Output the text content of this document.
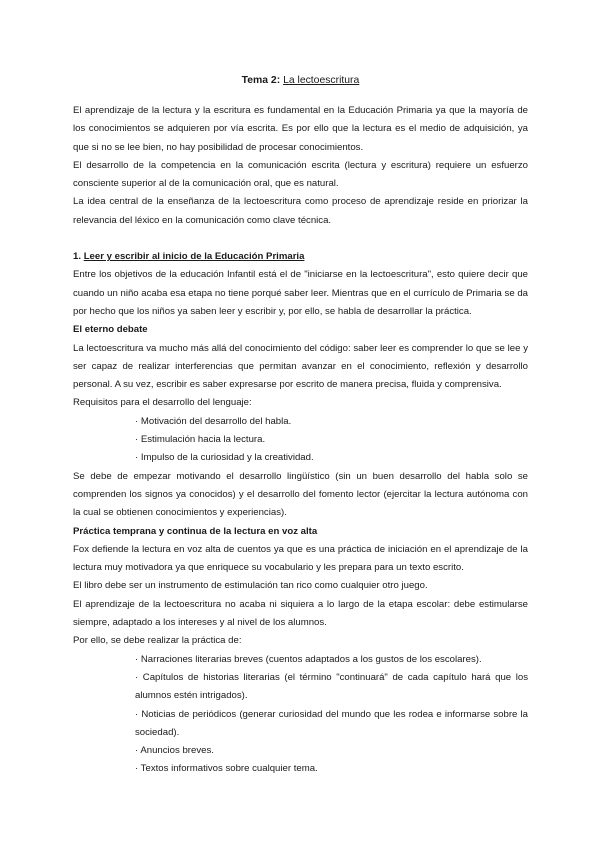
Tema 2: La lectoescritura

El aprendizaje de la lectura y la escritura es fundamental en la Educación Primaria ya que la mayoría de los conocimientos se adquieren por vía escrita. Es por ello que la lectura es el medio de adquisición, ya que si no se lee bien, no hay posibilidad de procesar conocimientos.

El desarrollo de la competencia en la comunicación escrita (lectura y escritura) requiere un esfuerzo consciente superior al de la comunicación oral, que es natural.

La idea central de la enseñanza de la lectoescritura como proceso de aprendizaje reside en priorizar la relevancia del léxico en la comunicación como clave técnica.

1. Leer y escribir al inicio de la Educación Primaria

Entre los objetivos de la educación Infantil está el de "iniciarse en la lectoescritura", esto quiere decir que cuando un niño acaba esa etapa no tiene porqué saber leer. Mientras que en el currículo de Primaria se da por hecho que los niños ya saben leer y escribir y, por ello, se habla de desarrollar la práctica.

El eterno debate

La lectoescritura va mucho más allá del conocimiento del código: saber leer es comprender lo que se lee y ser capaz de realizar interferencias que permitan avanzar en el conocimiento, reflexión y desarrollo personal. A su vez, escribir es saber expresarse por escrito de manera precisa, fluida y comprensiva.

Requisitos para el desarrollo del lenguaje:

· Motivación del desarrollo del habla.

· Estimulación hacia la lectura.

· Impulso de la curiosidad y la creatividad.

Se debe de empezar motivando el desarrollo lingüístico (sin un buen desarrollo del habla solo se comprenden los signos ya conocidos) y el desarrollo del fomento lector (ejercitar la lectura autónoma con la cual se obtienen conocimientos y experiencias).

Práctica temprana y continua de la lectura en voz alta

Fox defiende la lectura en voz alta de cuentos ya que es una práctica de iniciación en el aprendizaje de la lectura muy motivadora ya que enriquece su vocabulario y les prepara para un texto escrito.

El libro debe ser un instrumento de estimulación tan rico como cualquier otro juego.

El aprendizaje de la lectoescritura no acaba ni siquiera a lo largo de la etapa escolar: debe estimularse siempre, adaptado a los intereses y al nivel de los alumnos.

Por ello, se debe realizar la práctica de:

· Narraciones literarias breves (cuentos adaptados a los gustos de los escolares).

· Capítulos de historias literarias (el término "continuará" de cada capítulo hará que los alumnos estén intrigados).

· Noticias de periódicos (generar curiosidad del mundo que les rodea e informarse sobre la sociedad).

· Anuncios breves.

· Textos informativos sobre cualquier tema.
